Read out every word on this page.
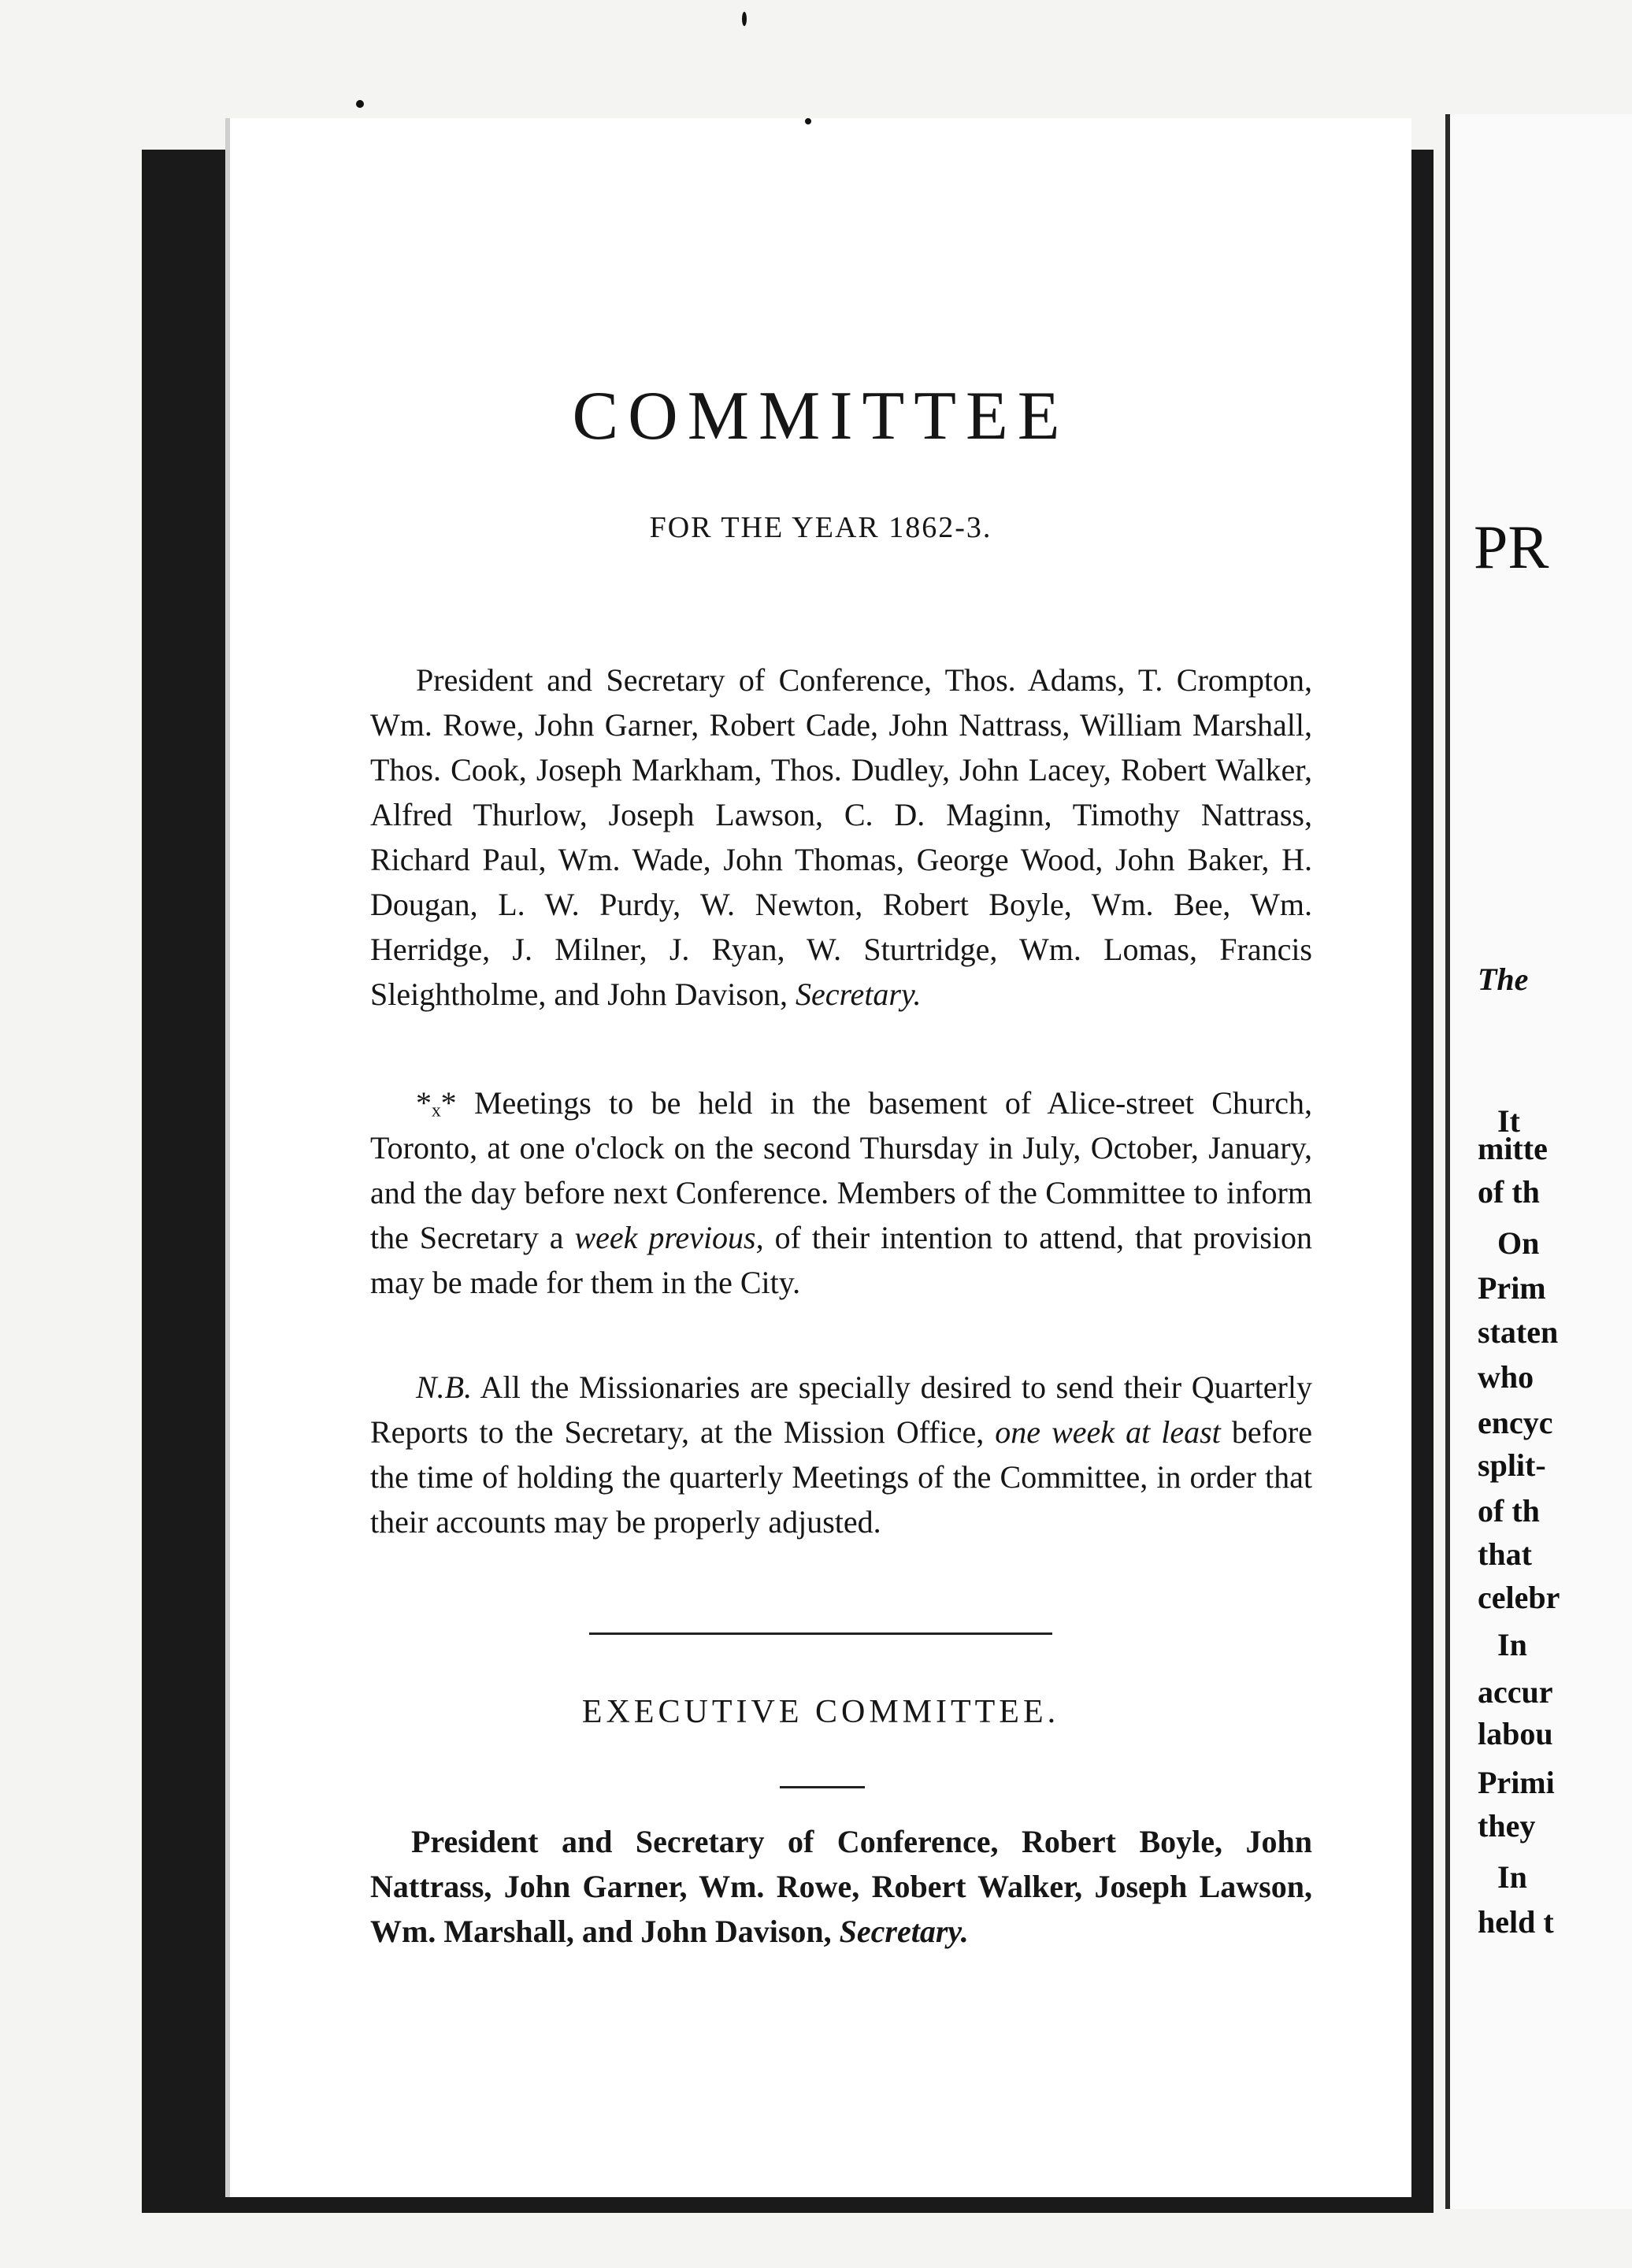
COMMITTEE
FOR THE YEAR 1862-3.
President and Secretary of Conference, Thos. Adams, T. Crompton, Wm. Rowe, John Garner, Robert Cade, John Nattrass, William Marshall, Thos. Cook, Joseph Markham, Thos. Dudley, John Lacey, Robert Walker, Alfred Thurlow, Joseph Lawson, C. D. Maginn, Timothy Nattrass, Richard Paul, Wm. Wade, John Thomas, George Wood, John Baker, H. Dougan, L. W. Purdy, W. Newton, Robert Boyle, Wm. Bee, Wm. Herridge, J. Milner, J. Ryan, W. Sturtridge, Wm. Lomas, Francis Sleightholme, and John Davison, Secretary.
*ₓ* Meetings to be held in the basement of Alice-street Church, Toronto, at one o'clock on the second Thursday in July, October, January, and the day before next Conference. Members of the Committee to inform the Secretary a week previous, of their intention to attend, that provision may be made for them in the City.
N.B. All the Missionaries are specially desired to send their Quarterly Reports to the Secretary, at the Mission Office, one week at least before the time of holding the quarterly Meetings of the Committee, in order that their accounts may be properly adjusted.
EXECUTIVE COMMITTEE.
President and Secretary of Conference, Robert Boyle, John Nattrass, John Garner, Wm. Rowe, Robert Walker, Joseph Lawson, Wm. Marshall, and John Davison, Secretary.
PR
The
It
mitte
of th
On
Prim
staten
who
encyc
split-
of th
that
celebr
In
accur
labou
Primi
they
In
held t
